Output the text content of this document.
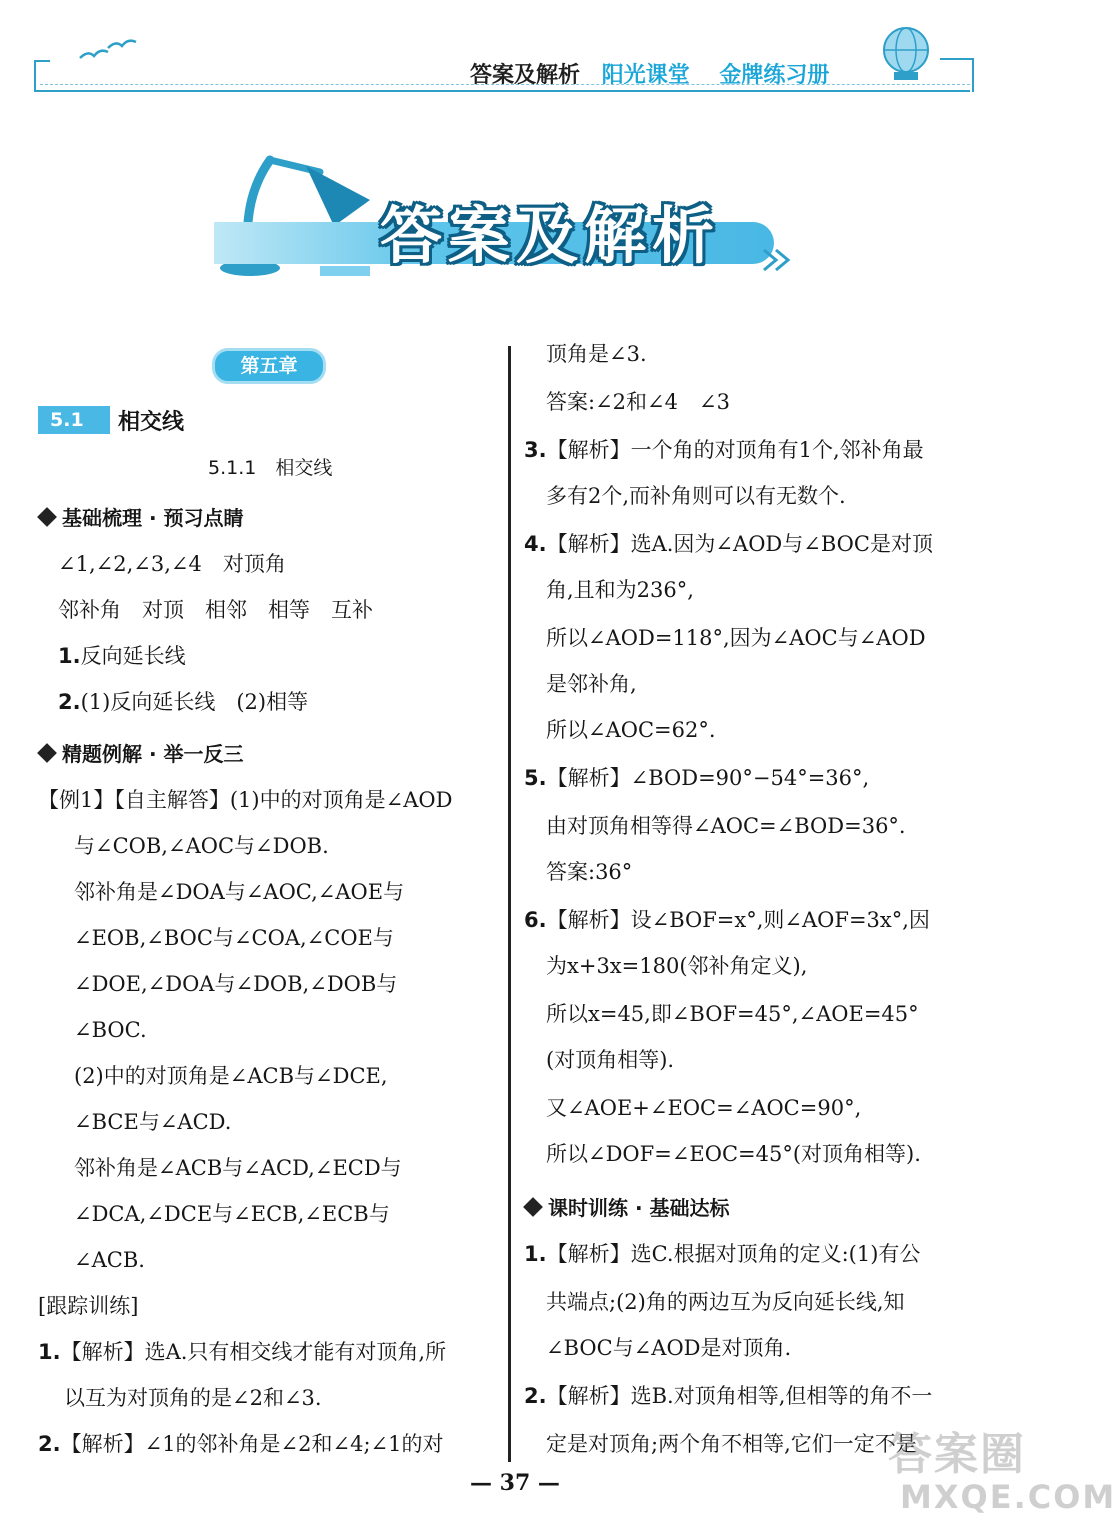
答案及解析 阳光课堂 金牌练习册
答案及解析
第五章
5.1	相交线
5.1.1　相交线
基础梳理 · 预习点睛
∠1,∠2,∠3,∠4　对顶角
邻补角　对顶　相邻　相等　互补
1.反向延长线
2.(1)反向延长线　(2)相等
精题例解 · 举一反三
【例1】【自主解答】(1)中的对顶角是∠AOD
与∠COB,∠AOC与∠DOB.
邻补角是∠DOA与∠AOC,∠AOE与
∠EOB,∠BOC与∠COA,∠COE与
∠DOE,∠DOA与∠DOB,∠DOB与
∠BOC.
(2)中的对顶角是∠ACB与∠DCE,
∠BCE与∠ACD.
邻补角是∠ACB与∠ACD,∠ECD与
∠DCA,∠DCE与∠ECB,∠ECB与
∠ACB.
[跟踪训练]
1.【解析】选A.只有相交线才能有对顶角,所
以互为对顶角的是∠2和∠3.
2.【解析】∠1的邻补角是∠2和∠4;∠1的对
顶角是∠3.
答案:∠2和∠4　∠3
3.【解析】一个角的对顶角有1个,邻补角最
多有2个,而补角则可以有无数个.
4.【解析】选A.因为∠AOD与∠BOC是对顶
角,且和为236°,
所以∠AOD=118°,因为∠AOC与∠AOD
是邻补角,
所以∠AOC=62°.
5.【解析】∠BOD=90°−54°=36°,
由对顶角相等得∠AOC=∠BOD=36°.
答案:36°
6.【解析】设∠BOF=x°,则∠AOF=3x°,因
为x+3x=180(邻补角定义),
所以x=45,即∠BOF=45°,∠AOE=45°
(对顶角相等).
又∠AOE+∠EOC=∠AOC=90°,
所以∠DOF=∠EOC=45°(对顶角相等).
课时训练 · 基础达标
1.【解析】选C.根据对顶角的定义:(1)有公
共端点;(2)角的两边互为反向延长线,知
∠BOC与∠AOD是对顶角.
2.【解析】选B.对顶角相等,但相等的角不一
定是对顶角;两个角不相等,它们一定不是
— 37 —
答案圈
MXQE.COM
